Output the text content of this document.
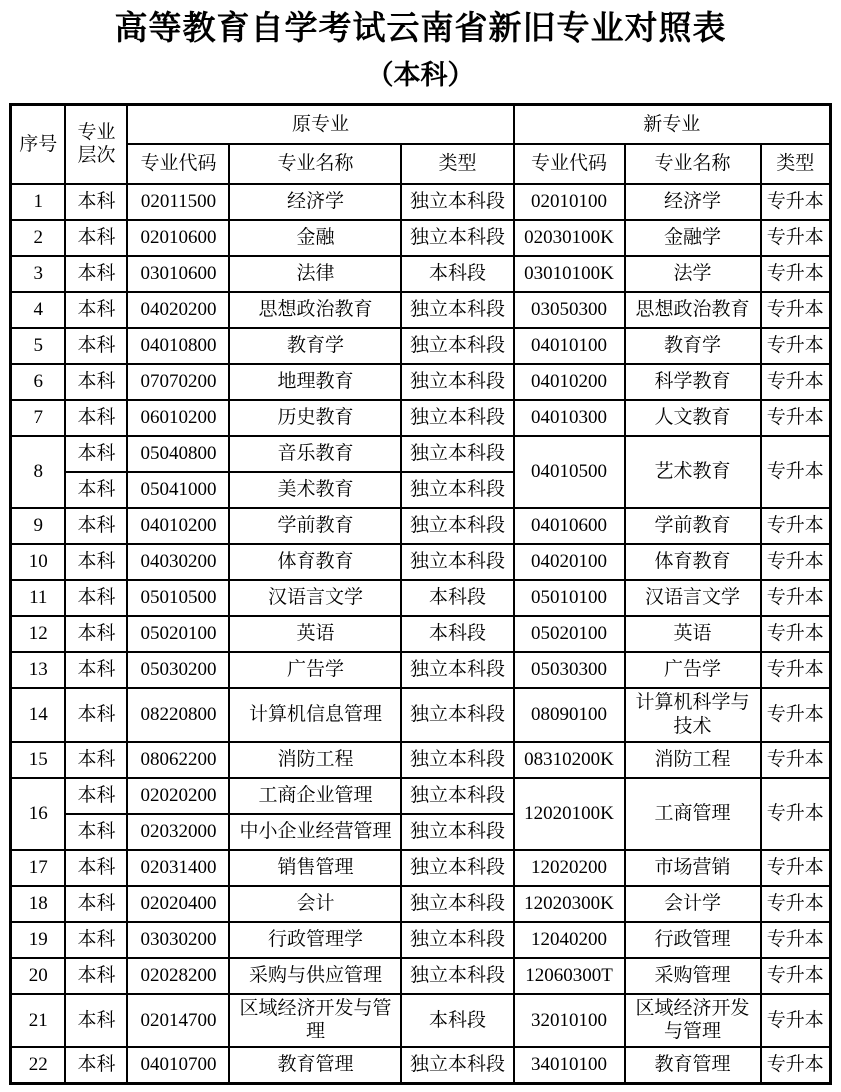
高等教育自学考试云南省新旧专业对照表
（本科）
序号	专业层次	原专业			新专业		
		专业代码	专业名称	类型	专业代码	专业名称	类型
1	本科	02011500	经济学	独立本科段	02010100	经济学	专升本
2	本科	02010600	金融	独立本科段	02030100K	金融学	专升本
3	本科	03010600	法律	本科段	03010100K	法学	专升本
4	本科	04020200	思想政治教育	独立本科段	03050300	思想政治教育	专升本
5	本科	04010800	教育学	独立本科段	04010100	教育学	专升本
6	本科	07070200	地理教育	独立本科段	04010200	科学教育	专升本
7	本科	06010200	历史教育	独立本科段	04010300	人文教育	专升本
8	本科	05040800	音乐教育	独立本科段	04010500	艺术教育	专升本
	本科	05041000	美术教育	独立本科段			
9	本科	04010200	学前教育	独立本科段	04010600	学前教育	专升本
10	本科	04030200	体育教育	独立本科段	04020100	体育教育	专升本
11	本科	05010500	汉语言文学	本科段	05010100	汉语言文学	专升本
12	本科	05020100	英语	本科段	05020100	英语	专升本
13	本科	05030200	广告学	独立本科段	05030300	广告学	专升本
14	本科	08220800	计算机信息管理	独立本科段	08090100	计算机科学与技术	专升本
15	本科	08062200	消防工程	独立本科段	08310200K	消防工程	专升本
16	本科	02020200	工商企业管理	独立本科段	12020100K	工商管理	专升本
	本科	02032000	中小企业经营管理	独立本科段			
17	本科	02031400	销售管理	独立本科段	12020200	市场营销	专升本
18	本科	02020400	会计	独立本科段	12020300K	会计学	专升本
19	本科	03030200	行政管理学	独立本科段	12040200	行政管理	专升本
20	本科	02028200	采购与供应管理	独立本科段	12060300T	采购管理	专升本
21	本科	02014700	区域经济开发与管理	本科段	32010100	区域经济开发与管理	专升本
22	本科	04010700	教育管理	独立本科段	34010100	教育管理	专升本
